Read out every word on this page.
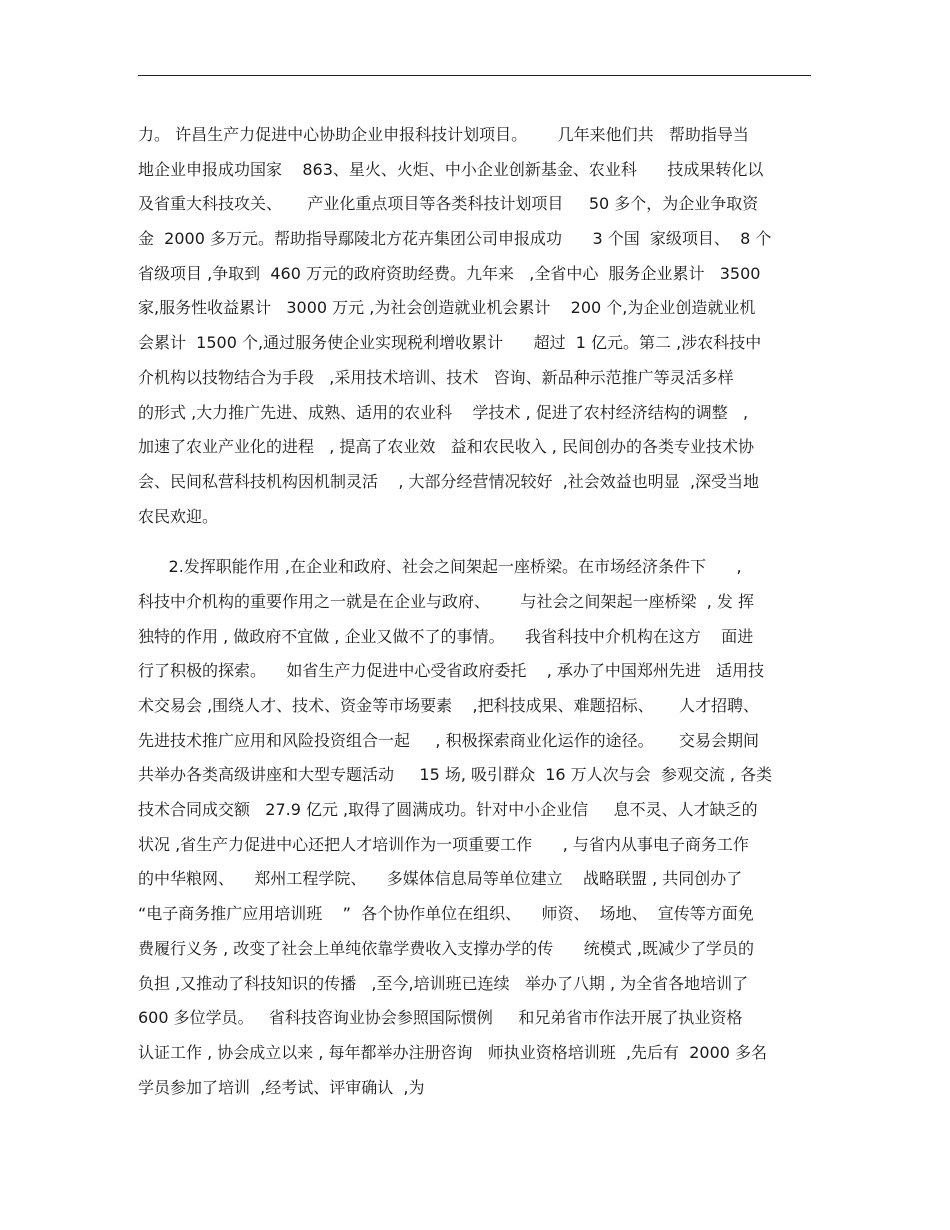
力。 许昌生产力促进中心协助企业申报科技计划项目。      几年来他们共   帮助指导当
地企业申报成功国家    863、星火、火炬、中小企业创新基金、农业科      技成果转化以
及省重大科技攻关、     产业化重点项目等各类科技计划项目     50 多个，为企业争取资
金  2000 多万元。帮助指导鄢陵北方花卉集团公司申报成功      3 个国  家级项目、  8 个
省级项目 ,争取到  460 万元的政府资助经费。九年来   ,全省中心  服务企业累计   3500
家,服务性收益累计   3000 万元 ,为社会创造就业机会累计    200 个,为企业创造就业机
会累计  1500 个,通过服务使企业实现税利增收累计      超过  1 亿元。第二 ,涉农科技中
介机构以技物结合为手段   ,采用技术培训、技术   咨询、新品种示范推广等灵活多样
的形式 ,大力推广先进、成熟、适用的农业科    学技术 , 促进了农村经济结构的调整   ,
加速了农业产业化的进程   , 提高了农业效   益和农民收入 , 民间创办的各类专业技术协
会、民间私营科技机构因机制灵活    , 大部分经营情况较好  ,社会效益也明显  ,深受当地
农民欢迎。
2.发挥职能作用 ,在企业和政府、社会之间架起一座桥梁。在市场经济条件下      ,
科技中介机构的重要作用之一就是在企业与政府、      与社会之间架起一座桥梁  , 发 挥
独特的作用 , 做政府不宜做 , 企业又做不了的事情。    我省科技中介机构在这方    面进
行了积极的探索。    如省生产力促进中心受省政府委托    , 承办了中国郑州先进   适用技
术交易会 ,围绕人才、技术、资金等市场要素    ,把科技成果、难题招标、     人才招聘、
先进技术推广应用和风险投资组合一起     , 积极探索商业化运作的途径。     交易会期间
共举办各类高级讲座和大型专题活动     15 场, 吸引群众  16 万人次与会  参观交流 , 各类
技术合同成交额   27.9 亿元 ,取得了圆满成功。针对中小企业信     息不灵、人才缺乏的
状况 ,省生产力促进中心还把人才培训作为一项重要工作      , 与省内从事电子商务工作
的中华粮网、    郑州工程学院、    多媒体信息局等单位建立    战略联盟 , 共同创办了
“电子商务推广应用培训班    ”  各个协作单位在组织、    师资、  场地、  宣传等方面免
费履行义务 , 改变了社会上单纯依靠学费收入支撑办学的传      统模式 ,既减少了学员的
负担 ,又推动了科技知识的传播   ,至今,培训班已连续   举办了八期 , 为全省各地培训了
600 多位学员。   省科技咨询业协会参照国际惯例     和兄弟省市作法开展了执业资格
认证工作 , 协会成立以来 , 每年都举办注册咨询   师执业资格培训班  ,先后有  2000 多名
学员参加了培训  ,经考试、评审确认  ,为
